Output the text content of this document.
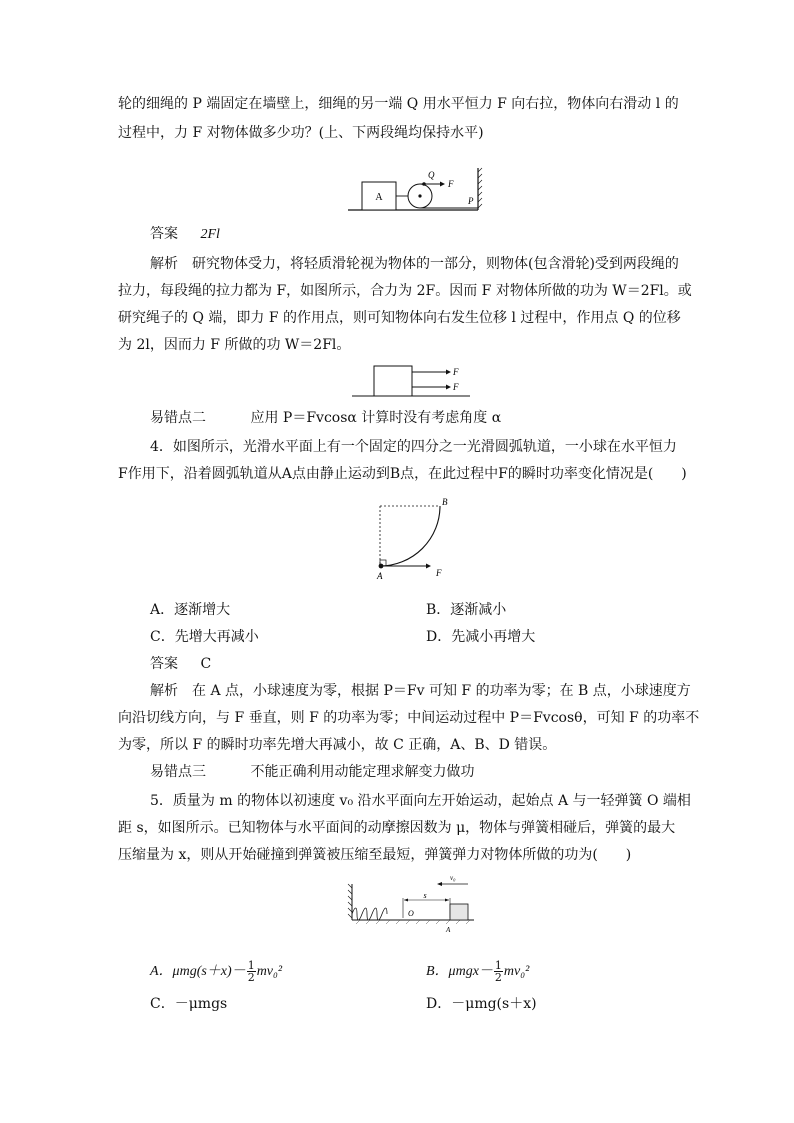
轮的细绳的 P 端固定在墙壁上，细绳的另一端 Q 用水平恒力 F 向右拉，物体向右滑动 l 的
过程中，力 F 对物体做多少功？(上、下两段绳均保持水平)
A
Q
F
P
答案 2Fl
解析　研究物体受力，将轻质滑轮视为物体的一部分，则物体(包含滑轮)受到两段绳的
拉力，每段绳的拉力都为 F，如图所示，合力为 2F。因而 F 对物体所做的功为 W＝2Fl。或
研究绳子的 Q 端，即力 F 的作用点，则可知物体向右发生位移 l 过程中，作用点 Q 的位移
为 2l，因而力 F 所做的功 W＝2Fl。
F
F
易错点二	应用 P＝Fvcosα 计算时没有考虑角度 α
4．如图所示，光滑水平面上有一个固定的四分之一光滑圆弧轨道，一小球在水平恒力
F作用下，沿着圆弧轨道从A点由静止运动到B点，在此过程中F的瞬时功率变化情况是(　　)
B
A	F
A．逐渐增大	B．逐渐减小
C．先增大再减小	D．先减小再增大
答案 C
解析　在 A 点，小球速度为零，根据 P＝Fv 可知 F 的功率为零；在 B 点，小球速度方
向沿切线方向，与 F 垂直，则 F 的功率为零；中间运动过程中 P＝Fvcosθ，可知 F 的功率不
为零，所以 F 的瞬时功率先增大再减小，故 C 正确，A、B、D 错误。
易错点三	不能正确利用动能定理求解变力做功
5．质量为 m 的物体以初速度 v₀ 沿水平面向左开始运动，起始点 A 与一轻弹簧 O 端相
距 s，如图所示。已知物体与水平面间的动摩擦因数为 μ，物体与弹簧相碰后，弹簧的最大
压缩量为 x，则从开始碰撞到弹簧被压缩至最短，弹簧弹力对物体所做的功为(　　)
s
O
v₀
A
A．$\mu mg(s+x)- \frac{1}{2} mv_0^2$	B．$\mu mgx- \frac{1}{2} mv_0^2$
C．－μmgs	D．－μmg(s＋x)
